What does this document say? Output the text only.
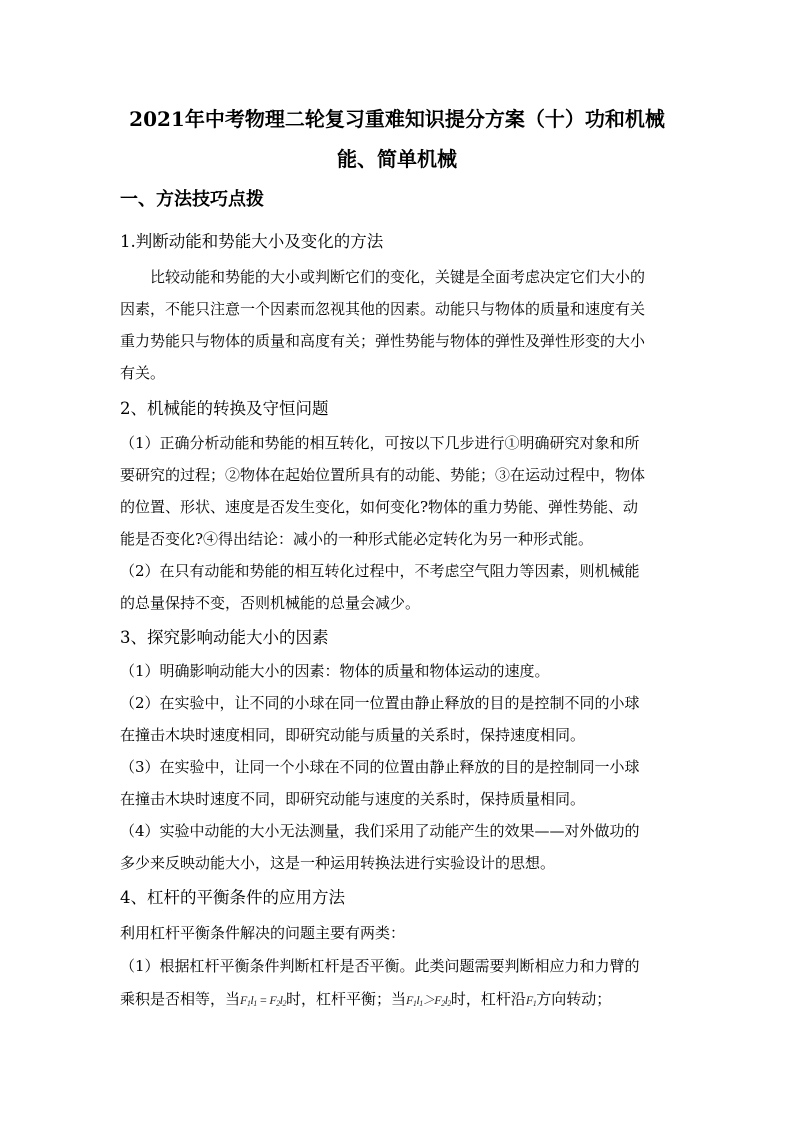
2021年中考物理二轮复习重难知识提分方案（十）功和机械
能、简单机械
一、方法技巧点拨
1.判断动能和势能大小及变化的方法
比较动能和势能的大小或判断它们的变化，关键是全面考虑决定它们大小的
因素，不能只注意一个因素而忽视其他的因素。动能只与物体的质量和速度有关
重力势能只与物体的质量和高度有关；弹性势能与物体的弹性及弹性形变的大小
有关。
2、机械能的转换及守恒问题
（1）正确分析动能和势能的相互转化，可按以下几步进行①明确研究对象和所
要研究的过程；②物体在起始位置所具有的动能、势能；③在运动过程中，物体
的位置、形状、速度是否发生变化，如何变化?物体的重力势能、弹性势能、动
能是否变化?④得出结论：减小的一种形式能必定转化为另一种形式能。
（2）在只有动能和势能的相互转化过程中，不考虑空气阻力等因素，则机械能
的总量保持不变，否则机械能的总量会减少。
3、探究影响动能大小的因素
（1）明确影响动能大小的因素：物体的质量和物体运动的速度。
（2）在实验中，让不同的小球在同一位置由静止释放的目的是控制不同的小球
在撞击木块时速度相同，即研究动能与质量的关系时，保持速度相同。
（3）在实验中，让同一个小球在不同的位置由静止释放的目的是控制同一小球
在撞击木块时速度不同，即研究动能与速度的关系时，保持质量相同。
（4）实验中动能的大小无法测量，我们采用了动能产生的效果——对外做功的
多少来反映动能大小，这是一种运用转换法进行实验设计的思想。
4、杠杆的平衡条件的应用方法
利用杠杆平衡条件解决的问题主要有两类：
（1）根据杠杆平衡条件判断杠杆是否平衡。此类问题需要判断相应力和力臂的
乘积是否相等，当$F_1l_1 = F_2l_2$时，杠杆平衡；当$F_1l_1>F_2l_2$时，杠杆沿$F_1$方向转动；
